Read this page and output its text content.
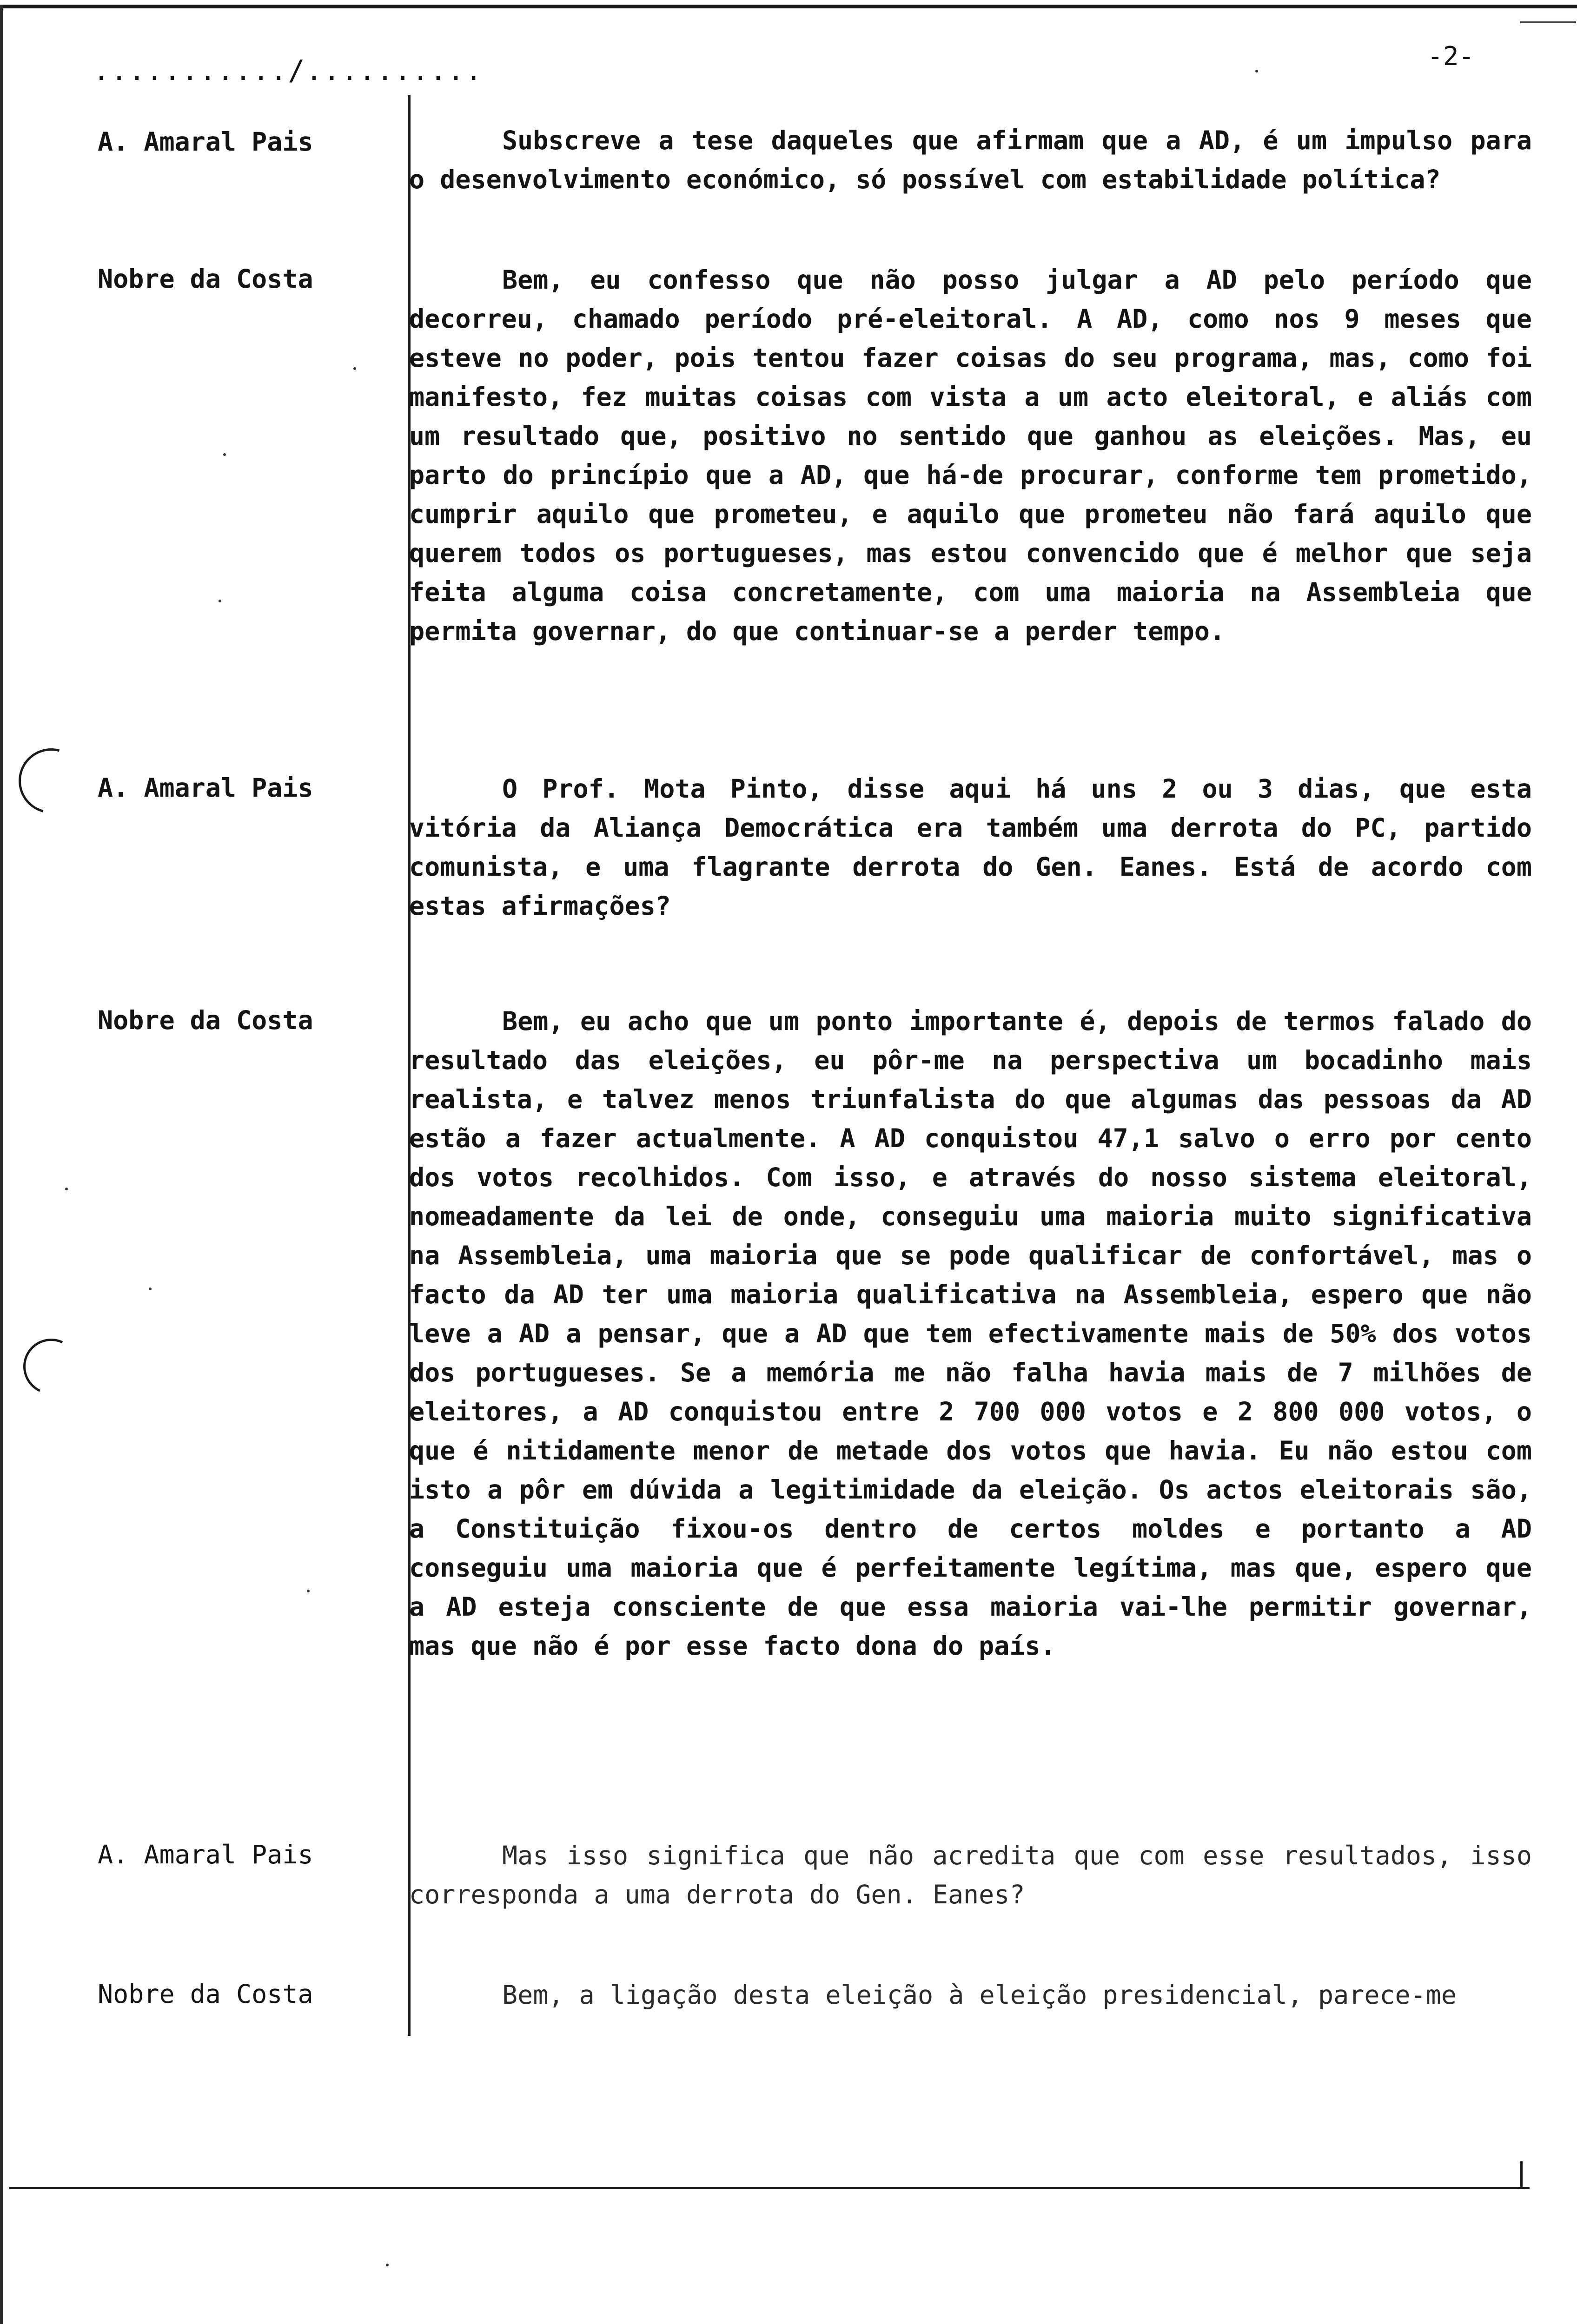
.........../..........	-2-
A. Amaral Pais	Subscreve a tese daqueles que afirmam que a AD, é um impulso para o desenvolvimento económico, só possível com estabilidade política?
Nobre da Costa	Bem, eu confesso que não posso julgar a AD pelo período que decorreu, chamado período pré-eleitoral. A AD, como nos 9 meses que esteve no poder, pois tentou fazer coisas do seu programa, mas, como foi manifesto, fez muitas coisas com vista a um acto eleitoral, e aliás com um resultado que, positivo no sentido que ganhou as eleições. Mas, eu parto do princípio que a AD, que há-de procurar, conforme tem prometido, cumprir aquilo que prometeu, e aquilo que prometeu não fará aquilo que querem todos os portugueses, mas estou convencido que é melhor que seja feita alguma coisa concretamente, com uma maioria na Assembleia que permita governar, do que continuar-se a perder tempo.
A. Amaral Pais	O Prof. Mota Pinto, disse aqui há uns 2 ou 3 dias, que esta vitória da Aliança Democrática era também uma derrota do PC, partido comunista, e uma flagrante derrota do Gen. Eanes. Está de acordo com estas afirmações?
Nobre da Costa	Bem, eu acho que um ponto importante é, depois de termos falado do resultado das eleições, eu pôr-me na perspectiva um bocadinho mais realista, e talvez menos triunfalista do que algumas das pessoas da AD estão a fazer actualmente. A AD conquistou 47,1 salvo o erro por cento dos votos recolhidos. Com isso, e através do nosso sistema eleitoral, nomeadamente da lei de onde, conseguiu uma maioria muito significativa na Assembleia, uma maioria que se pode qualificar de confortável, mas o facto da AD ter uma maioria qualificativa na Assembleia, espero que não leve a AD a pensar, que a AD que tem efectivamente mais de 50% dos votos dos portugueses. Se a memória me não falha havia mais de 7 milhões de eleitores, a AD conquistou entre 2 700 000 votos e 2 800 000 votos, o que é nitidamente menor de metade dos votos que havia. Eu não estou com isto a pôr em dúvida a legitimidade da eleição. Os actos eleitorais são, a Constituição fixou-os dentro de certos moldes e portanto a AD conseguiu uma maioria que é perfeitamente legítima, mas que, espero que a AD esteja consciente de que essa maioria vai-lhe permitir governar, mas que não é por esse facto dona do país.
A. Amaral Pais	Mas isso significa que não acredita que com esse resultados, isso corresponda a uma derrota do Gen. Eanes?
Nobre da Costa	Bem, a ligação desta eleição à eleição presidencial, parece-me
